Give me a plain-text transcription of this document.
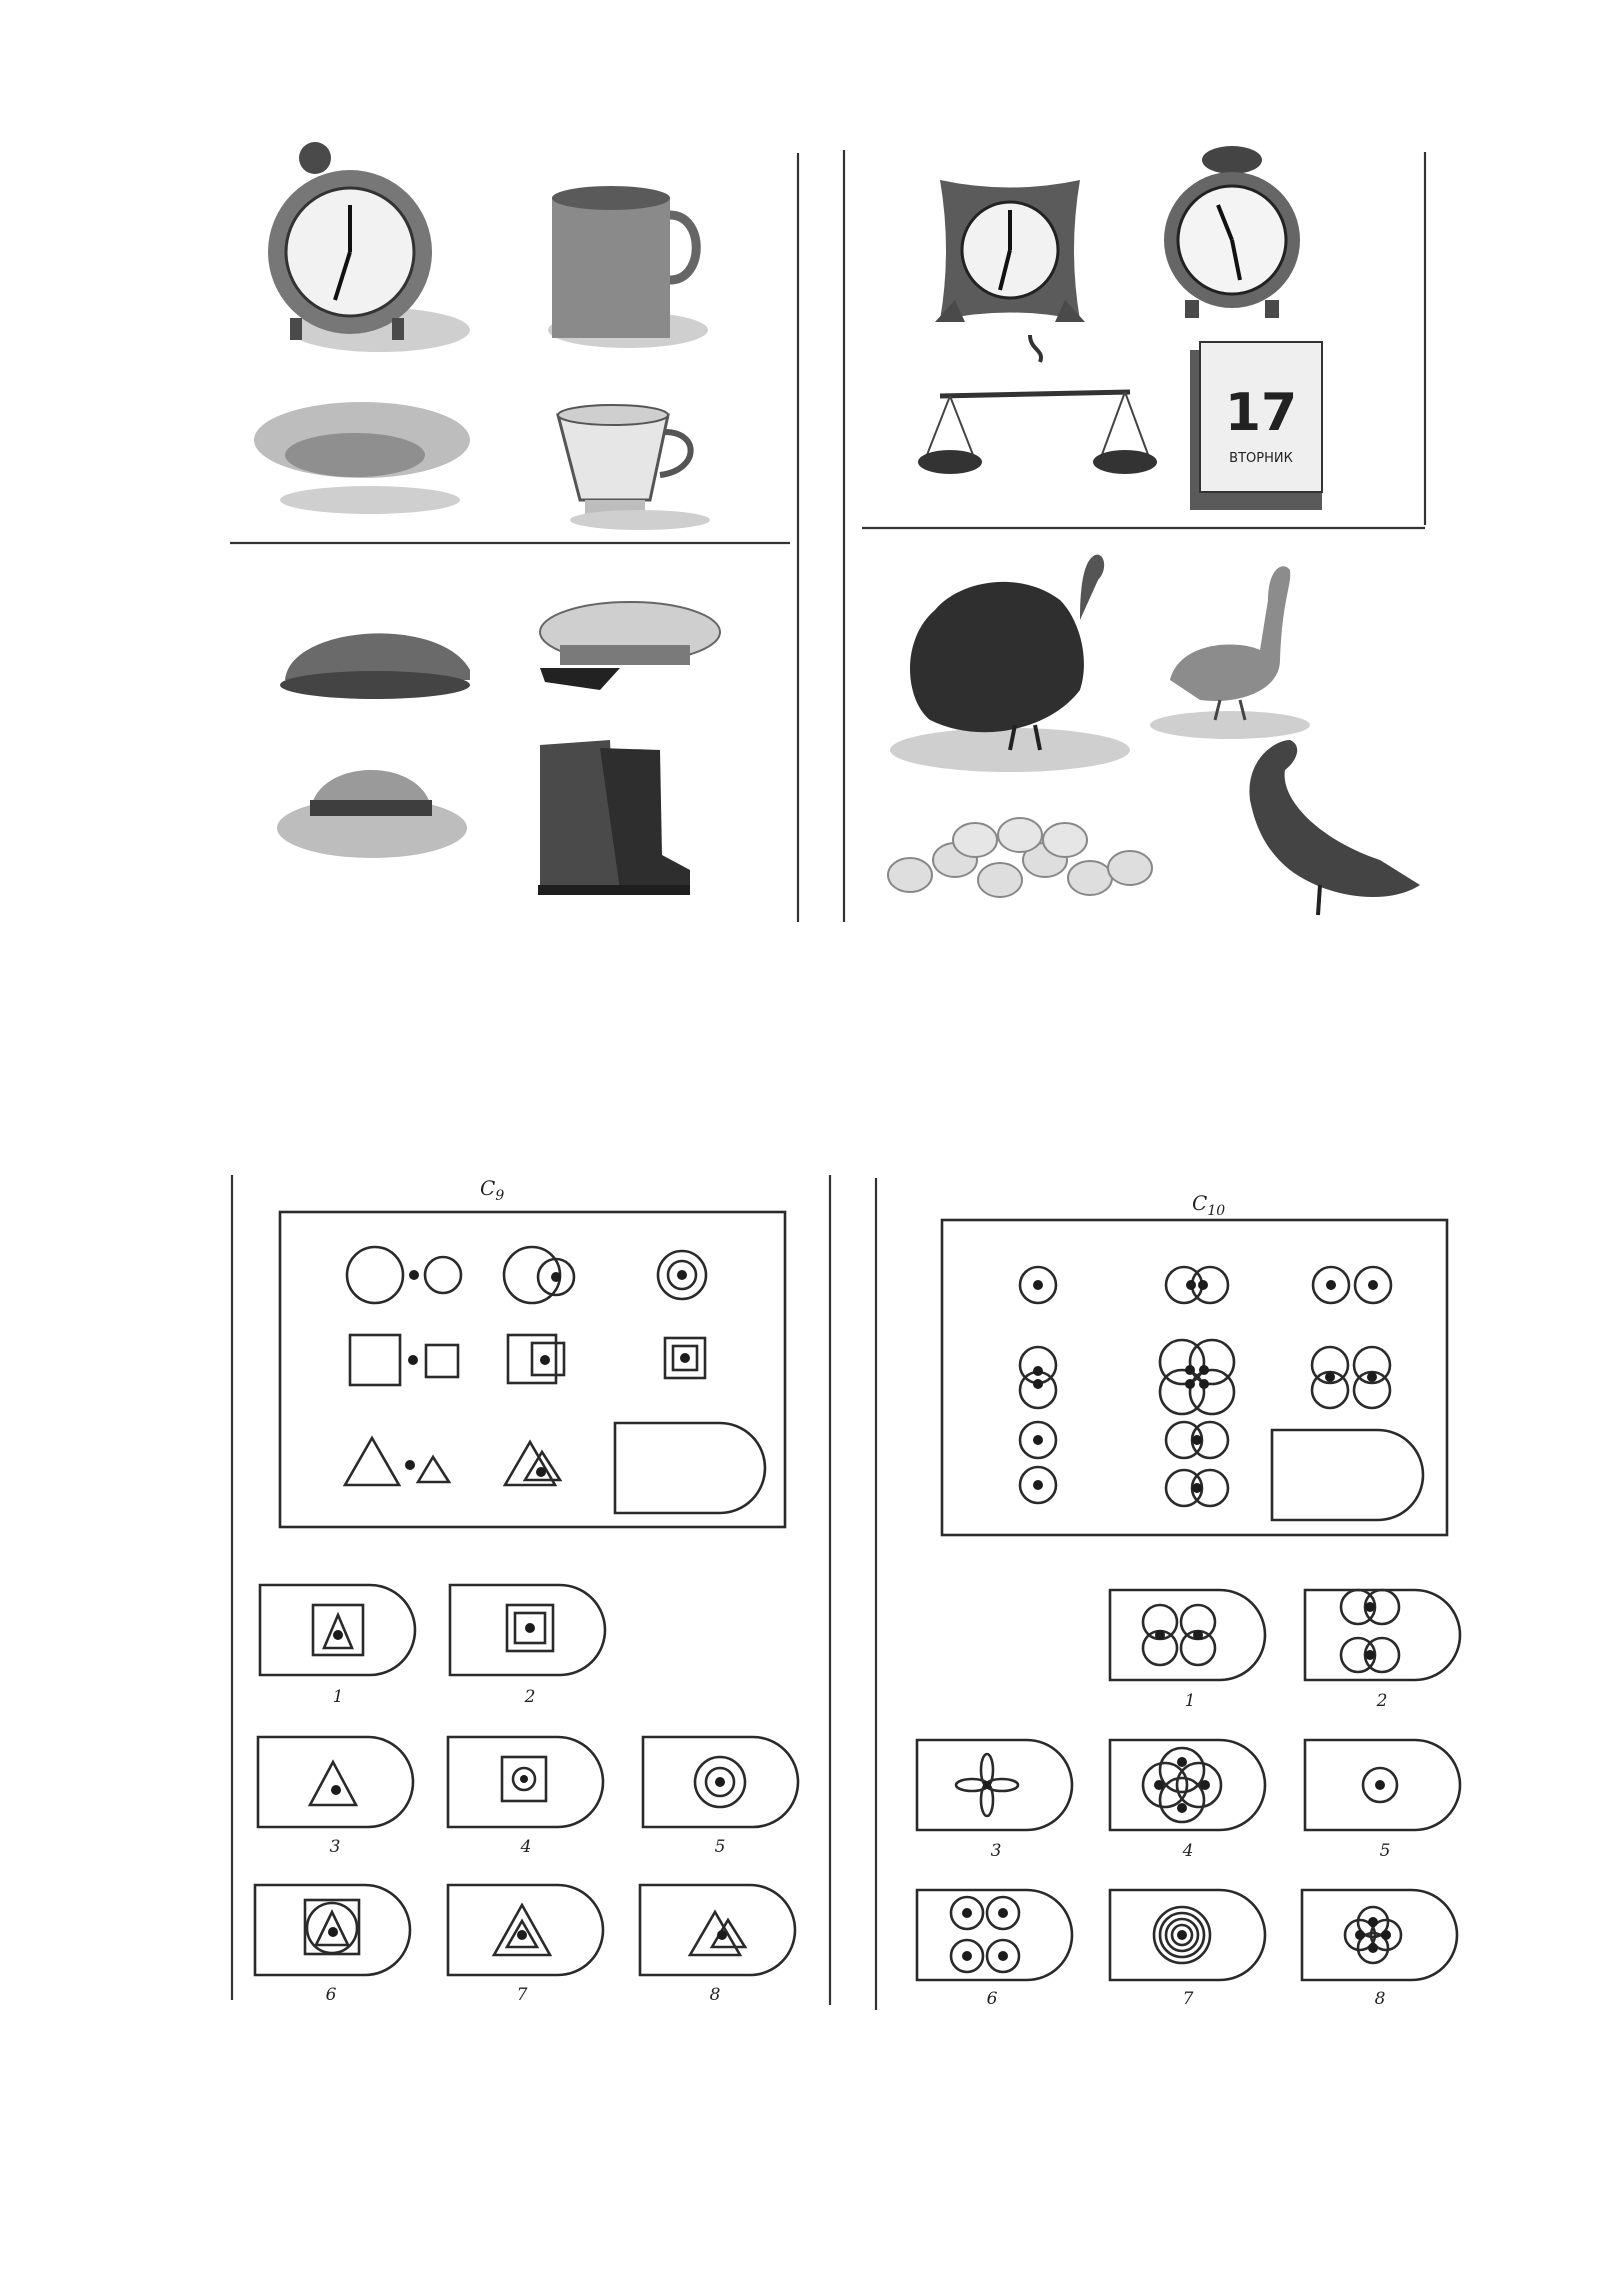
17
ВТОРНИК
$C_9$
1	2
3	4	5
6	7	8
$C_{10}$
1	2
3	4	5
6	7	8
